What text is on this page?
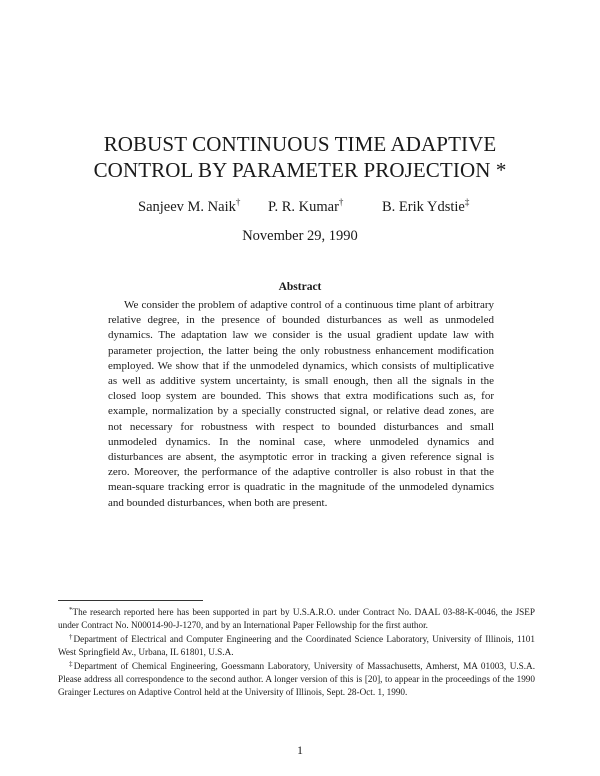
ROBUST CONTINUOUS TIME ADAPTIVE
CONTROL BY PARAMETER PROJECTION *
Sanjeev M. Naik† P. R. Kumar†	B. Erik Ydstie‡
November 29, 1990
Abstract
We consider the problem of adaptive control of a continuous time plant of arbitrary relative degree, in the presence of bounded disturbances as well as unmodeled dynamics. The adaptation law we consider is the usual gradient update law with parameter projection, the latter being the only robustness enhancement modification employed. We show that if the unmodeled dynamics, which consists of multiplicative as well as additive system uncertainty, is small enough, then all the signals in the closed loop system are bounded. This shows that extra modifications such as, for example, normalization by a specially constructed signal, or relative dead zones, are not necessary for robustness with respect to bounded disturbances and small unmodeled dynamics. In the nominal case, where unmodeled dynamics and disturbances are absent, the asymptotic error in tracking a given reference signal is zero. Moreover, the performance of the adaptive controller is also robust in that the mean-square tracking error is quadratic in the magnitude of the unmodeled dynamics and bounded disturbances, when both are present.

*The research reported here has been supported in part by U.S.A.R.O. under Contract No. DAAL 03-88-K-0046, the JSEP under Contract No. N00014-90-J-1270, and by an International Paper Fellowship for the first author.

†Department of Electrical and Computer Engineering and the Coordinated Science Laboratory, University of Illinois, 1101 West Springfield Av., Urbana, IL 61801, U.S.A.

‡Department of Chemical Engineering, Goessmann Laboratory, University of Massachusetts, Amherst, MA 01003, U.S.A. Please address all correspondence to the second author. A longer version of this is [20], to appear in the proceedings of the 1990 Grainger Lectures on Adaptive Control held at the University of Illinois, Sept. 28-Oct. 1, 1990.

1
